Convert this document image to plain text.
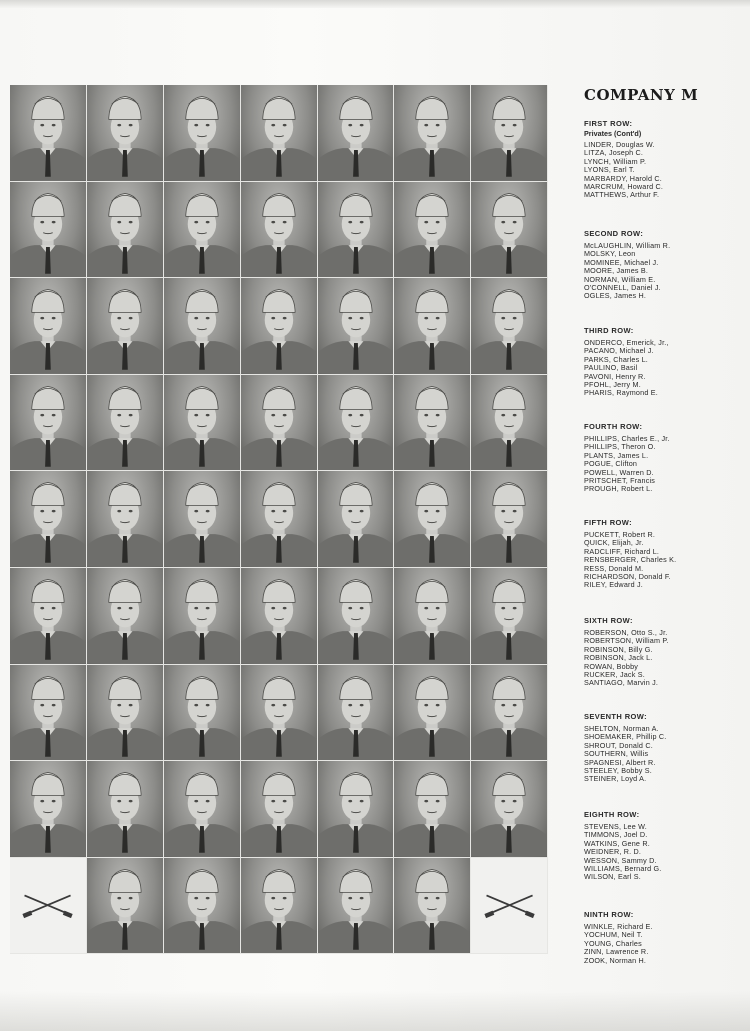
COMPANY M

FIRST ROW:

Privates (Cont'd)

LINDER, Douglas W.
LITZA, Joseph C.
LYNCH, William P.
LYONS, Earl T.
MARBARDY, Harold C.
MARCRUM, Howard C.
MATTHEWS, Arthur F.

SECOND ROW:

McLAUGHLIN, William R.
MOLSKY, Leon
MOMINEE, Michael J.
MOORE, James B.
NORMAN, William E.
O'CONNELL, Daniel J.
OGLES, James H.

THIRD ROW:

ONDERCO, Emerick, Jr.,
PACANO, Michael J.
PARKS, Charles L.
PAULINO, Basil
PAVONI, Henry R.
PFOHL, Jerry M.
PHARIS, Raymond E.

FOURTH ROW:

PHILLIPS, Charles E., Jr.
PHILLIPS, Theron O.
PLANTS, James L.
POGUE, Clifton
POWELL, Warren D.
PRITSCHET, Francis
PROUGH, Robert L.

FIFTH ROW:

PUCKETT, Robert R.
QUICK, Elijah, Jr.
RADCLIFF, Richard L.
RENSBERGER, Charles K.
RESS, Donald M.
RICHARDSON, Donald F.
RILEY, Edward J.

SIXTH ROW:

ROBERSON, Otto S., Jr.
ROBERTSON, William P.
ROBINSON, Billy G.
ROBINSON, Jack L.
ROWAN, Bobby
RUCKER, Jack S.
SANTIAGO, Marvin J.

SEVENTH ROW:

SHELTON, Norman A.
SHOEMAKER, Phillip C.
SHROUT, Donald C.
SOUTHERN, Willis
SPAGNESI, Albert R.
STEELEY, Bobby S.
STEINER, Loyd A.

EIGHTH ROW:

STEVENS, Lee W.
TIMMONS, Joel D.
WATKINS, Gene R.
WEIDNER, R. D.
WESSON, Sammy D.
WILLIAMS, Bernard G.
WILSON, Earl S.

NINTH ROW:

WINKLE, Richard E.
YOCHUM, Neil T.
YOUNG, Charles
ZINN, Lawrence R.
ZOOK, Norman H.
